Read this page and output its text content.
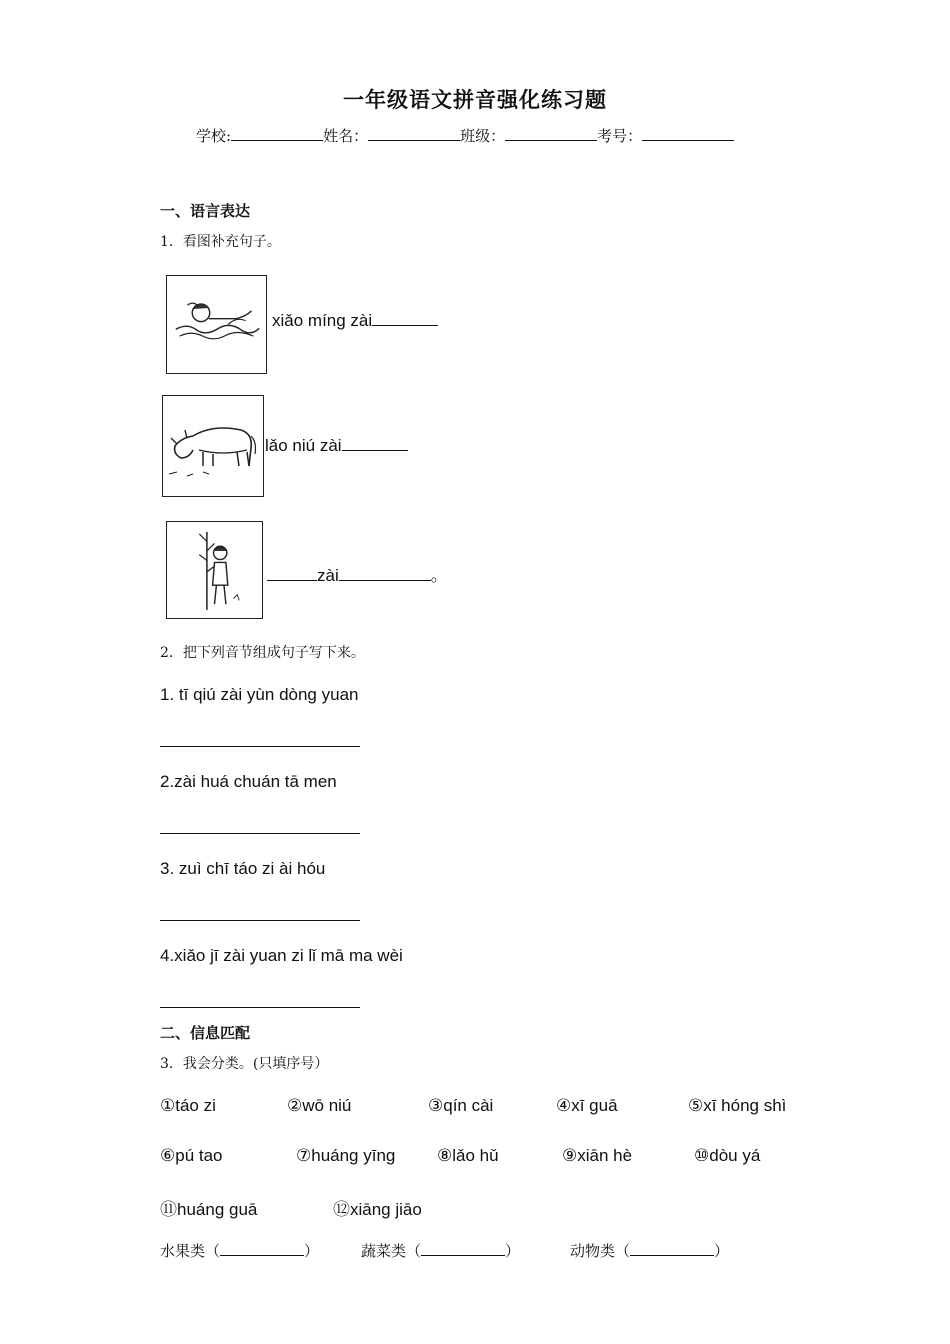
一年级语文拼音强化练习题
学校:	姓名：	班级：	考号：
一、语言表达
1．看图补充句子。
xiǎo míng zài
lǎo niú zài
zài	。
2．把下列音节组成句子写下来。
1. tī qiú zài yùn dòng yuan
2.zài huá chuán tā men
3. zuì chī táo zi ài hóu
4.xiǎo jī zài yuan zi lǐ mā ma wèi
二、信息匹配
3．我会分类。(只填序号）
①táo zi	②wō niú	③qín cài	④xī guā	⑤xī hóng shì
⑥pú tao	⑦huáng yīng ⑧lǎo hǔ	⑨xiān hè	⑩dòu yá
⑪huáng guā	⑫xiāng jiāo
水果类（	）	蔬菜类（	）	动物类（	）
